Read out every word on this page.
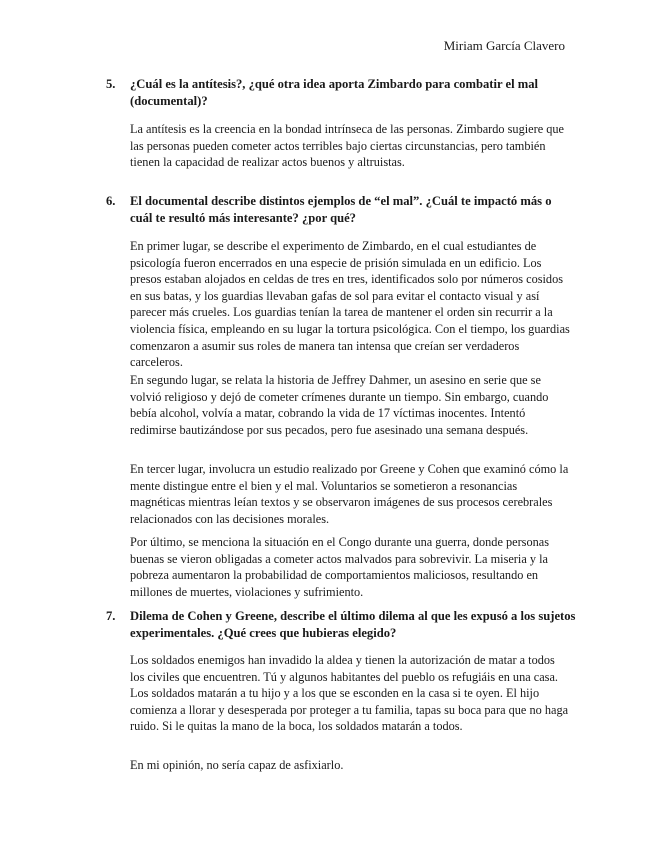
Miriam García Clavero
5. ¿Cuál es la antítesis?, ¿qué otra idea aporta Zimbardo para combatir el mal (documental)?

La antítesis es la creencia en la bondad intrínseca de las personas. Zimbardo sugiere que las personas pueden cometer actos terribles bajo ciertas circunstancias, pero también tienen la capacidad de realizar actos buenos y altruistas.

6. El documental describe distintos ejemplos de “el mal”. ¿Cuál te impactó más o cuál te resultó más interesante? ¿por qué?

En primer lugar, se describe el experimento de Zimbardo, en el cual estudiantes de psicología fueron encerrados en una especie de prisión simulada en un edificio. Los presos estaban alojados en celdas de tres en tres, identificados solo por números cosidos en sus batas, y los guardias llevaban gafas de sol para evitar el contacto visual y así parecer más crueles. Los guardias tenían la tarea de mantener el orden sin recurrir a la violencia física, empleando en su lugar la tortura psicológica. Con el tiempo, los guardias comenzaron a asumir sus roles de manera tan intensa que creían ser verdaderos carceleros.

En segundo lugar, se relata la historia de Jeffrey Dahmer, un asesino en serie que se volvió religioso y dejó de cometer crímenes durante un tiempo. Sin embargo, cuando bebía alcohol, volvía a matar, cobrando la vida de 17 víctimas inocentes. Intentó redimirse bautizándose por sus pecados, pero fue asesinado una semana después.

En tercer lugar, involucra un estudio realizado por Greene y Cohen que examinó cómo la mente distingue entre el bien y el mal. Voluntarios se sometieron a resonancias magnéticas mientras leían textos y se observaron imágenes de sus procesos cerebrales relacionados con las decisiones morales.

Por último, se menciona la situación en el Congo durante una guerra, donde personas buenas se vieron obligadas a cometer actos malvados para sobrevivir. La miseria y la pobreza aumentaron la probabilidad de comportamientos maliciosos, resultando en millones de muertes, violaciones y sufrimiento.

7. Dilema de Cohen y Greene, describe el último dilema al que les expusó a los sujetos experimentales. ¿Qué crees que hubieras elegido?

Los soldados enemigos han invadido la aldea y tienen la autorización de matar a todos los civiles que encuentren. Tú y algunos habitantes del pueblo os refugiáis en una casa. Los soldados matarán a tu hijo y a los que se esconden en la casa si te oyen. El hijo comienza a llorar y desesperada por proteger a tu familia, tapas su boca para que no haga ruido. Si le quitas la mano de la boca, los soldados matarán a todos.

En mi opinión, no sería capaz de asfixiarlo.
